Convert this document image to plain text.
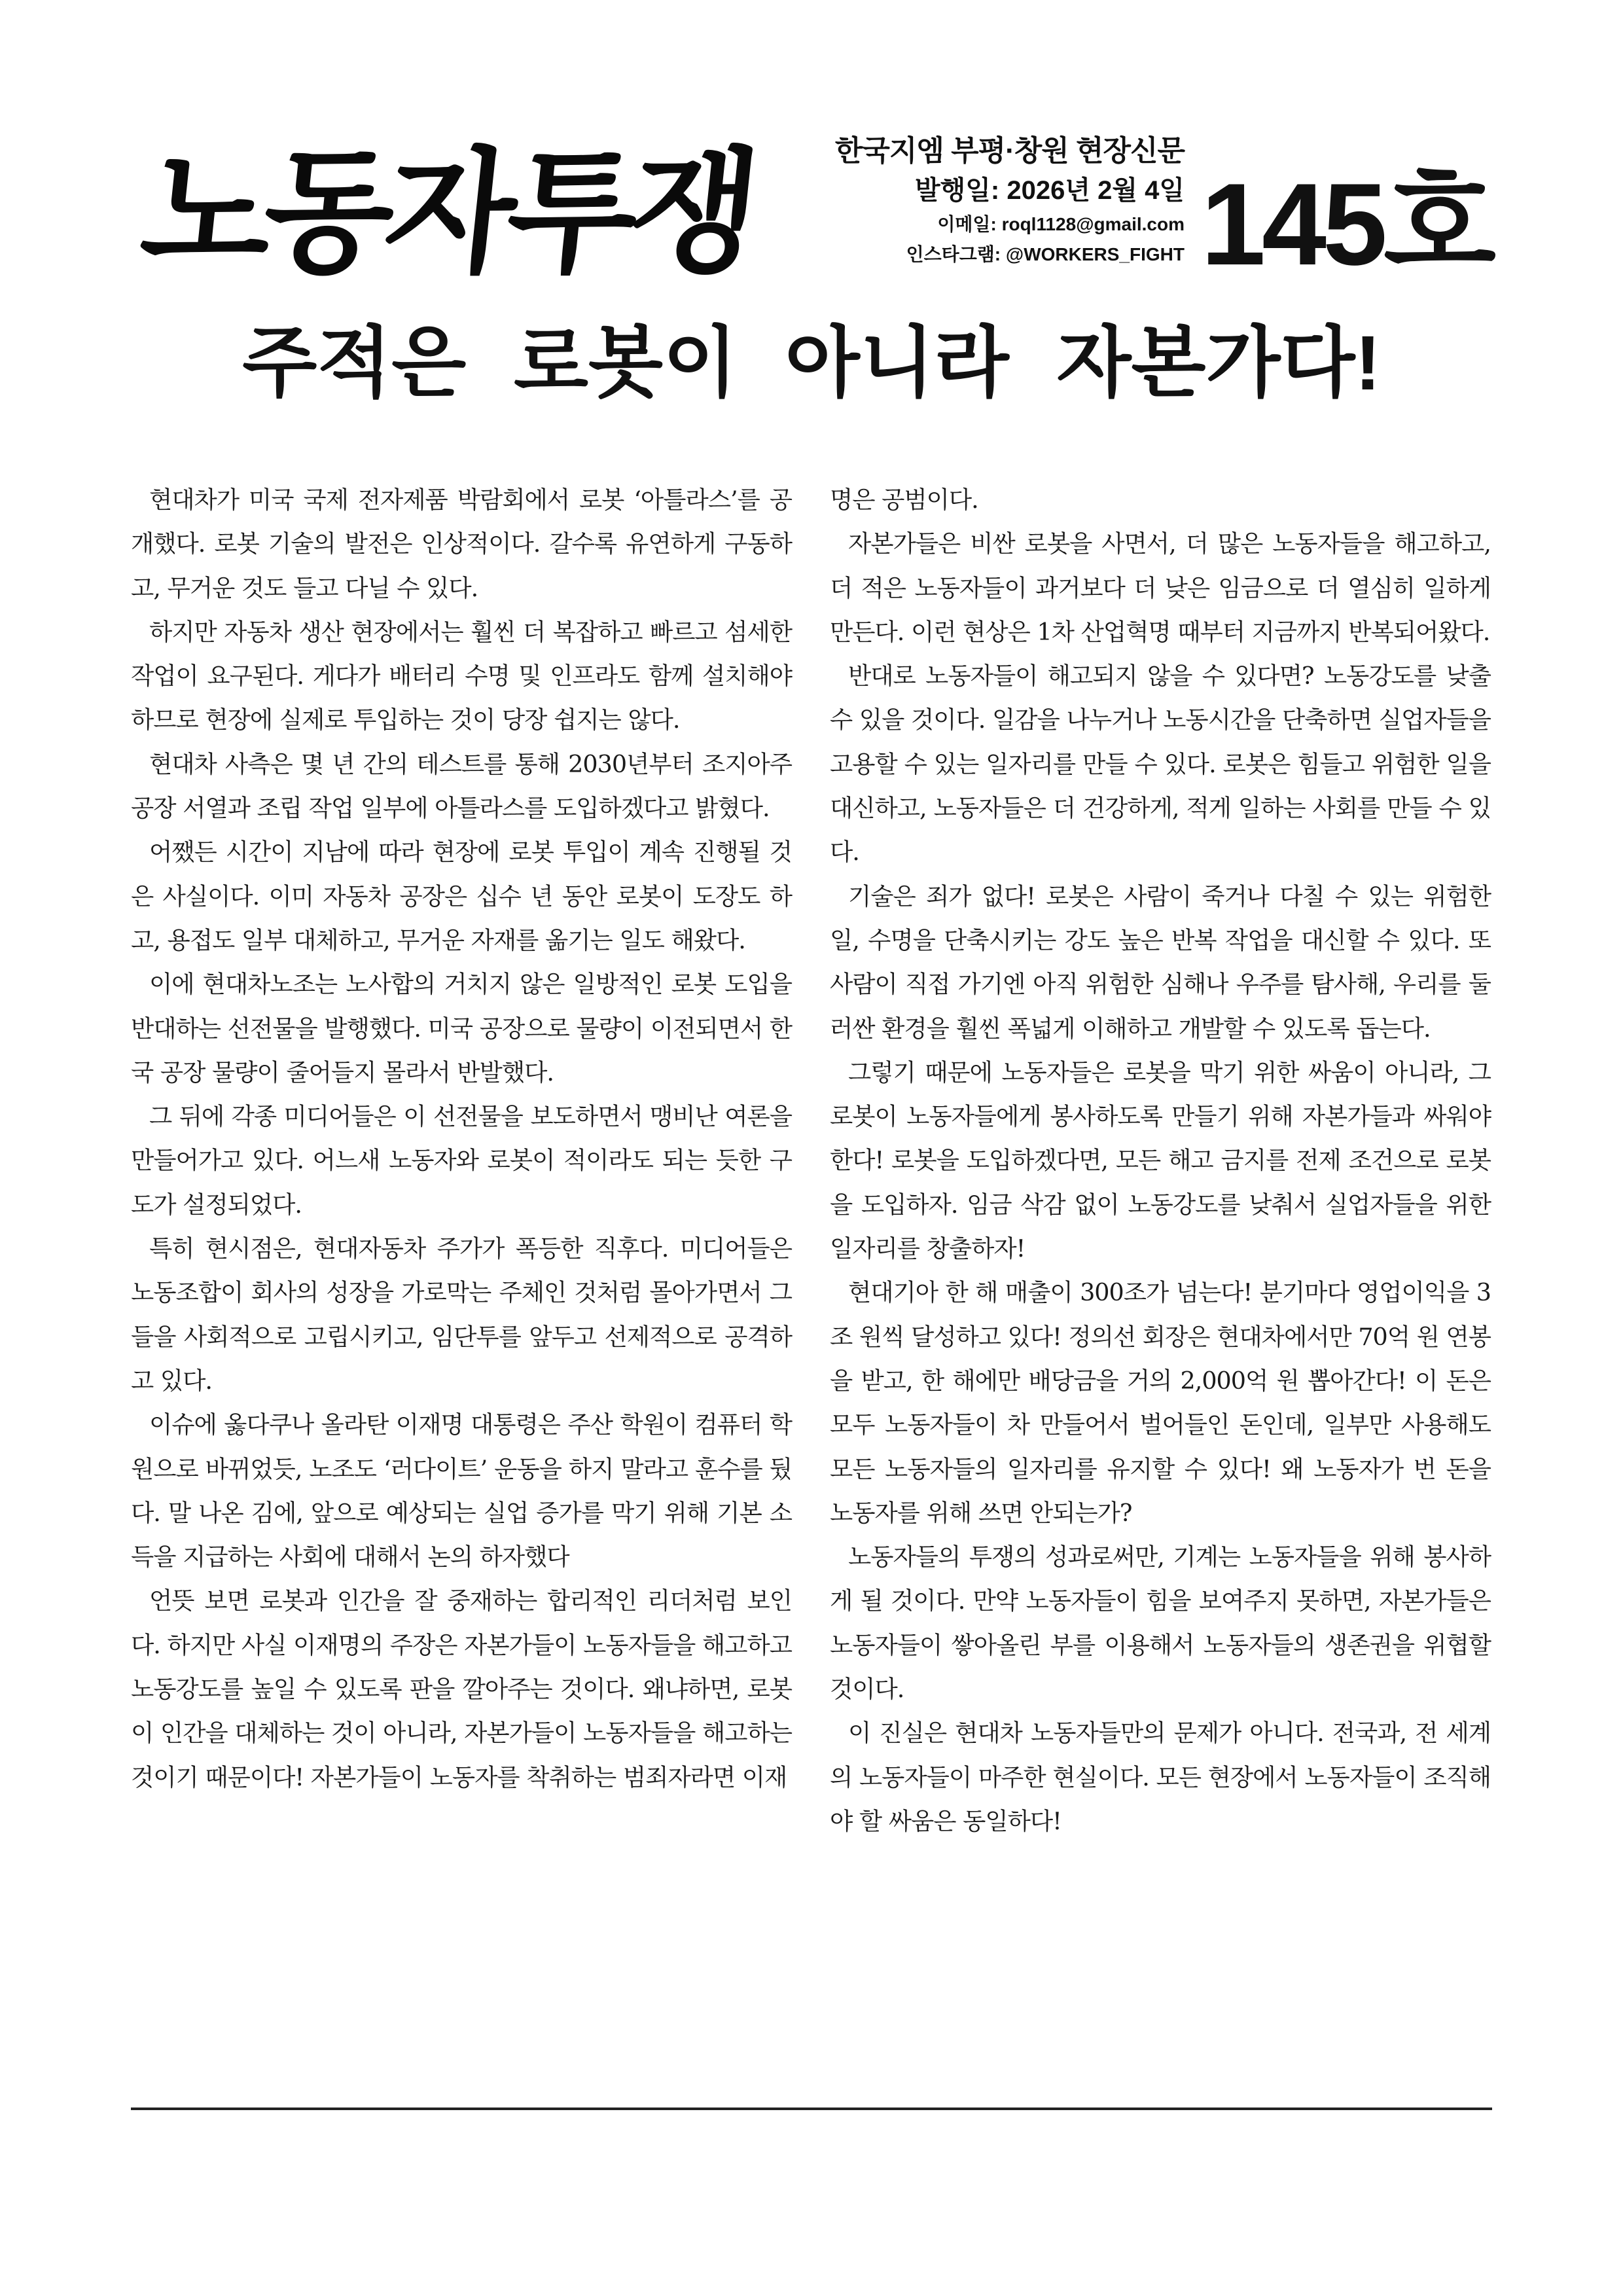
노동자투쟁	한국지엠 부평·창원 현장신문
발행일: 2026년 2월 4일
이메일: roql1128@gmail.com
인스타그램: @WORKERS_FIGHT 145호
주적은 로봇이 아니라 자본가다!

현대차가 미국 국제 전자제품 박람회에서 로봇 ‘아틀라스’를 공개했다. 로봇 기술의 발전은 인상적이다. 갈수록 유연하게 구동하고, 무거운 것도 들고 다닐 수 있다.

하지만 자동차 생산 현장에서는 훨씬 더 복잡하고 빠르고 섬세한 작업이 요구된다. 게다가 배터리 수명 및 인프라도 함께 설치해야 하므로 현장에 실제로 투입하는 것이 당장 쉽지는 않다.

현대차 사측은 몇 년 간의 테스트를 통해 2030년부터 조지아주 공장 서열과 조립 작업 일부에 아틀라스를 도입하겠다고 밝혔다.

어쨌든 시간이 지남에 따라 현장에 로봇 투입이 계속 진행될 것은 사실이다. 이미 자동차 공장은 십수 년 동안 로봇이 도장도 하고, 용접도 일부 대체하고, 무거운 자재를 옮기는 일도 해왔다.

이에 현대차노조는 노사합의 거치지 않은 일방적인 로봇 도입을 반대하는 선전물을 발행했다. 미국 공장으로 물량이 이전되면서 한국 공장 물량이 줄어들지 몰라서 반발했다.

그 뒤에 각종 미디어들은 이 선전물을 보도하면서 맹비난 여론을 만들어가고 있다. 어느새 노동자와 로봇이 적이라도 되는 듯한 구도가 설정되었다.

특히 현시점은, 현대자동차 주가가 폭등한 직후다. 미디어들은 노동조합이 회사의 성장을 가로막는 주체인 것처럼 몰아가면서 그들을 사회적으로 고립시키고, 임단투를 앞두고 선제적으로 공격하고 있다.

이슈에 옳다쿠나 올라탄 이재명 대통령은 주산 학원이 컴퓨터 학원으로 바뀌었듯, 노조도 ‘러다이트’ 운동을 하지 말라고 훈수를 뒀다. 말 나온 김에, 앞으로 예상되는 실업 증가를 막기 위해 기본 소득을 지급하는 사회에 대해서 논의 하자했다

언뜻 보면 로봇과 인간을 잘 중재하는 합리적인 리더처럼 보인다. 하지만 사실 이재명의 주장은 자본가들이 노동자들을 해고하고 노동강도를 높일 수 있도록 판을 깔아주는 것이다. 왜냐하면, 로봇이 인간을 대체하는 것이 아니라, 자본가들이 노동자들을 해고하는 것이기 때문이다! 자본가들이 노동자를 착취하는 범죄자라면 이재

명은 공범이다.

자본가들은 비싼 로봇을 사면서, 더 많은 노동자들을 해고하고, 더 적은 노동자들이 과거보다 더 낮은 임금으로 더 열심히 일하게 만든다. 이런 현상은 1차 산업혁명 때부터 지금까지 반복되어왔다.

반대로 노동자들이 해고되지 않을 수 있다면? 노동강도를 낮출 수 있을 것이다. 일감을 나누거나 노동시간을 단축하면 실업자들을 고용할 수 있는 일자리를 만들 수 있다. 로봇은 힘들고 위험한 일을 대신하고, 노동자들은 더 건강하게, 적게 일하는 사회를 만들 수 있다.

기술은 죄가 없다! 로봇은 사람이 죽거나 다칠 수 있는 위험한 일, 수명을 단축시키는 강도 높은 반복 작업을 대신할 수 있다. 또 사람이 직접 가기엔 아직 위험한 심해나 우주를 탐사해, 우리를 둘러싼 환경을 훨씬 폭넓게 이해하고 개발할 수 있도록 돕는다.

그렇기 때문에 노동자들은 로봇을 막기 위한 싸움이 아니라, 그 로봇이 노동자들에게 봉사하도록 만들기 위해 자본가들과 싸워야 한다! 로봇을 도입하겠다면, 모든 해고 금지를 전제 조건으로 로봇을 도입하자. 임금 삭감 없이 노동강도를 낮춰서 실업자들을 위한 일자리를 창출하자!

현대기아 한 해 매출이 300조가 넘는다! 분기마다 영업이익을 3조 원씩 달성하고 있다! 정의선 회장은 현대차에서만 70억 원 연봉을 받고, 한 해에만 배당금을 거의 2,000억 원 뽑아간다! 이 돈은 모두 노동자들이 차 만들어서 벌어들인 돈인데, 일부만 사용해도 모든 노동자들의 일자리를 유지할 수 있다! 왜 노동자가 번 돈을 노동자를 위해 쓰면 안되는가?

노동자들의 투쟁의 성과로써만, 기계는 노동자들을 위해 봉사하게 될 것이다. 만약 노동자들이 힘을 보여주지 못하면, 자본가들은 노동자들이 쌓아올린 부를 이용해서 노동자들의 생존권을 위협할 것이다.

이 진실은 현대차 노동자들만의 문제가 아니다. 전국과, 전 세계의 노동자들이 마주한 현실이다. 모든 현장에서 노동자들이 조직해야 할 싸움은 동일하다!
